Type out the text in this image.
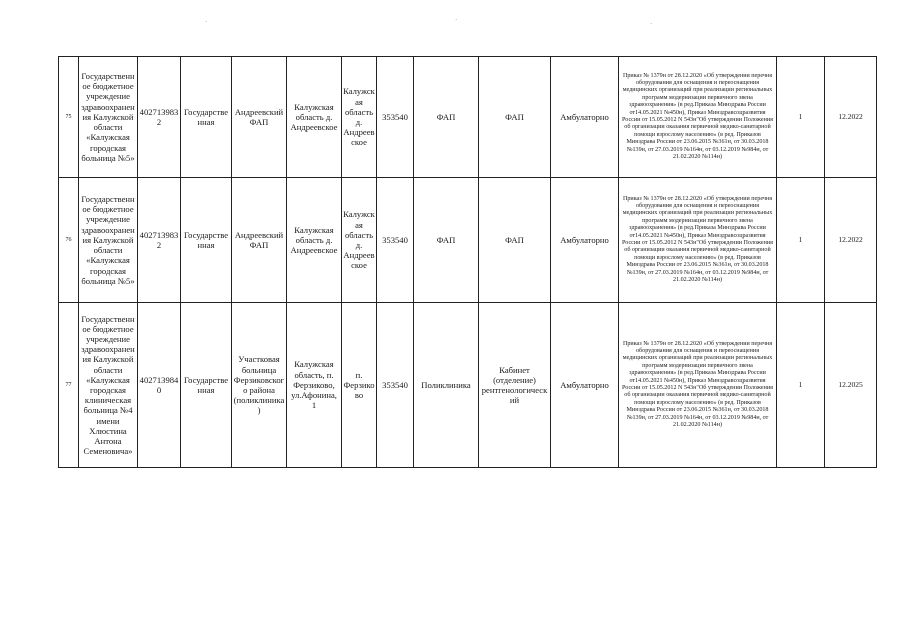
·	·	·
75	Государственное бюджетное учреждение здравоохранения Калужской области «Калужская городская больница №5»	4027139832	Государственная	Андреевский ФАП	Калужская область д. Андреевское	Калужская область д. Андреевское	353540	ФАП	ФАП	Амбулаторно	Приказ № 1379н от 28.12.2020 «Об утверждении перечня оборудования для оснащения и переоснащения медицинских организаций при реализации региональных программ модернизации первичного звена здравоохранения» (в ред.Приказа Минздрава России от14.05.2021 №450н), Приказ Минздравсоцразвития России от 15.05.2012 N 543н"Об утверждении Положения об организации оказания первичной медико-санитарной помощи взрослому населению» (в ред. Приказов Минздрава России от 23.06.2015 №361н, от 30.03.2018 №139н, от 27.03.2019 №164н, от 03.12.2019 №984н, от 21.02.2020 №114н)	1	12.2022
76	Государственное бюджетное учреждение здравоохранения Калужской области «Калужская городская больница №5»	4027139832	Государственная	Андреевский ФАП	Калужская область д. Андреевское	Калужская область д. Андреевское	353540	ФАП	ФАП	Амбулаторно	Приказ № 1379н от 28.12.2020 «Об утверждении перечня оборудования для оснащения и переоснащения медицинских организаций при реализации региональных программ модернизации первичного звена здравоохранения» (в ред.Приказа Минздрава России от14.05.2021 №450н), Приказ Минздравсоцразвития России от 15.05.2012 N 543н"Об утверждении Положения об организации оказания первичной медико-санитарной помощи взрослому населению» (в ред. Приказов Минздрава России от 23.06.2015 №361н, от 30.03.2018 №139н, от 27.03.2019 №164н, от 03.12.2019 №984н, от 21.02.2020 №114н)	1	12.2022
77	Государственное бюджетное учреждение здравоохранения Калужской области «Калужская городская клиническая больница №4 имени Хлюстина Антона Семеновича»	4027139840	Государственная	Участковая больница Ферзиковского района (поликлиника)	Калужская область, п. Ферзиково, ул.Афонина, 1	п. Ферзиково	353540	Поликлиника	Кабинет (отделение) рентгенологический	Амбулаторно	Приказ № 1379н от 28.12.2020 «Об утверждении перечня оборудования для оснащения и переоснащения медицинских организаций при реализации региональных программ модернизации первичного звена здравоохранения» (в ред.Приказа Минздрава России от14.05.2021 №450н), Приказ Минздравсоцразвития России от 15.05.2012 N 543н"Об утверждении Положения об организации оказания первичной медико-санитарной помощи взрослому населению» (в ред. Приказов Минздрава России от 23.06.2015 №361н, от 30.03.2018 №139н, от 27.03.2019 №164н, от 03.12.2019 №984н, от 21.02.2020 №114н)	1	12.2025
